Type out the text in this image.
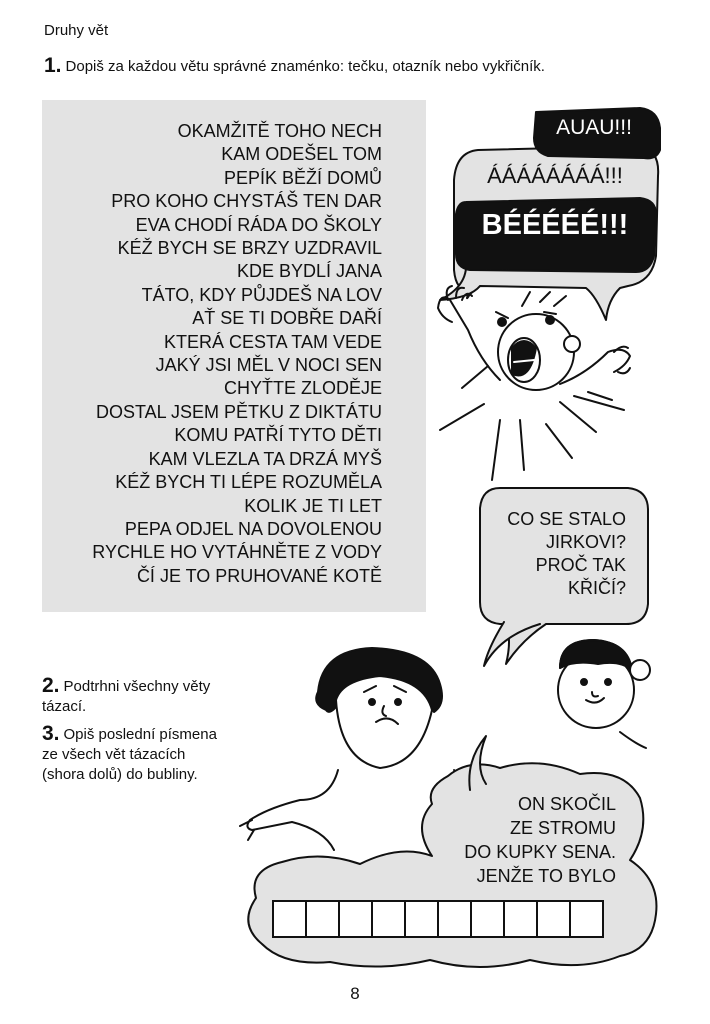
Druhy vět
1. Dopiš za každou větu správné znaménko: tečku, otazník nebo vykřičník.
OKAMŽITĚ TOHO NECH
KAM ODEŠEL TOM
PEPÍK BĚŽÍ DOMŮ
PRO KOHO CHYSTÁŠ TEN DAR
EVA CHODÍ RÁDA DO ŠKOLY
KÉŽ BYCH SE BRZY UZDRAVIL
KDE BYDLÍ JANA
TÁTO, KDY PŮJDEŠ NA LOV
AŤ SE TI DOBŘE DAŘÍ
KTERÁ CESTA TAM VEDE
JAKÝ JSI MĚL V NOCI SEN
CHYŤTE ZLODĚJE
DOSTAL JSEM PĚTKU Z DIKTÁTU
KOMU PATŘÍ TYTO DĚTI
KAM VLEZLA TA DRZÁ MYŠ
KÉŽ BYCH TI LÉPE ROZUMĚLA
KOLIK JE TI LET
PEPA ODJEL NA DOVOLENOU
RYCHLE HO VYTÁHNĚTE Z VODY
ČÍ JE TO PRUHOVANÉ KOTĚ
AUAU!!!
ÁÁÁÁÁÁÁÁ!!!
BÉÉÉÉÉ!!!
CO SE STALO
JIRKOVI?
PROČ TAK
KŘIČÍ?
ON SKOČIL
ZE STROMU
DO KUPKY SENA.
JENŽE TO BYLO
2. Podtrhni všechny věty tázací.
3. Opiš poslední písmena ze všech vět tázacích (shora dolů) do bubliny.
8
